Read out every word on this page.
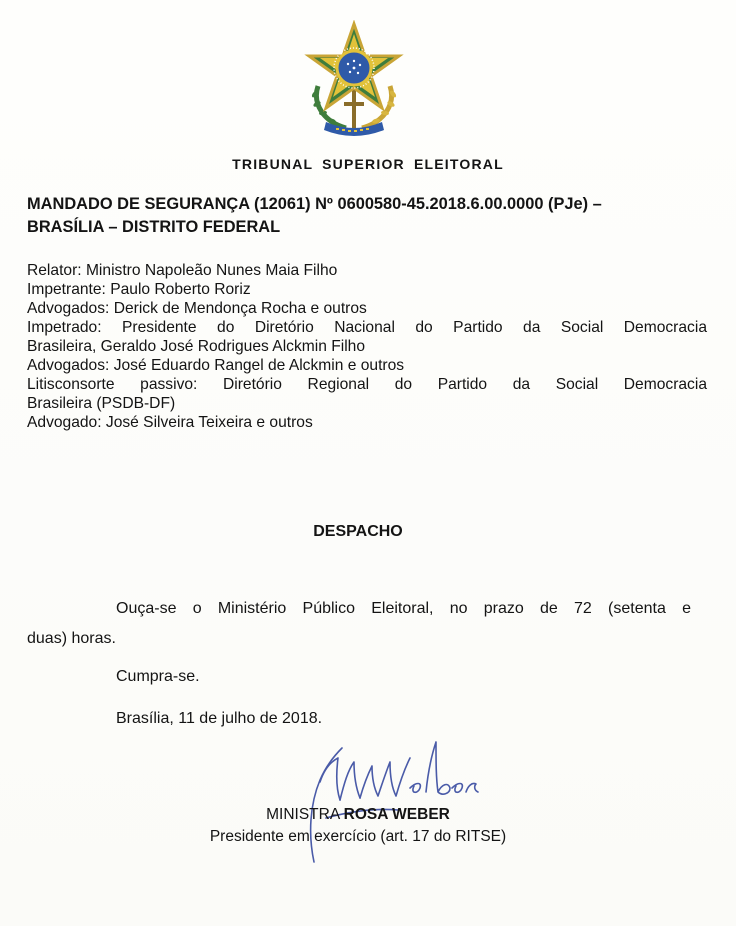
TRIBUNAL SUPERIOR ELEITORAL
MANDADO DE SEGURANÇA (12061) Nº 0600580-45.2018.6.00.0000 (PJe) –
BRASÍLIA – DISTRITO FEDERAL
Relator: Ministro Napoleão Nunes Maia Filho
Impetrante: Paulo Roberto Roriz
Advogados: Derick de Mendonça Rocha e outros
Impetrado: Presidente do Diretório Nacional do Partido da Social Democracia
Brasileira, Geraldo José Rodrigues Alckmin Filho
Advogados: José Eduardo Rangel de Alckmin e outros
Litisconsorte passivo: Diretório Regional do Partido da Social Democracia
Brasileira (PSDB-DF)
Advogado: José Silveira Teixeira e outros
DESPACHO
Ouça-se o Ministério Público Eleitoral, no prazo de 72 (setenta e
duas) horas.
Cumpra-se.
Brasília, 11 de julho de 2018.
MINISTRA ROSA WEBER
Presidente em exercício (art. 17 do RITSE)
